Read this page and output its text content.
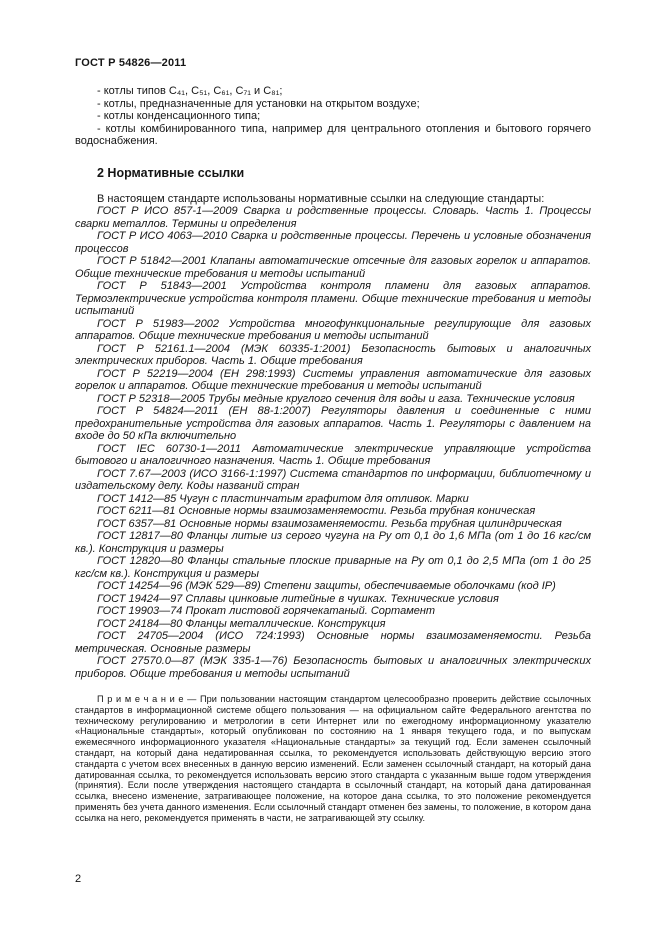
ГОСТ Р 54826—2011

- котлы типов C₄₁, C₅₁, C₆₁, C₇₁ и C₈₁;

- котлы, предназначенные для установки на открытом воздухе;

- котлы конденсационного типа;

- котлы комбинированного типа, например для центрального отопления и бытового горячего водоснабжения.

2 Нормативные ссылки

В настоящем стандарте использованы нормативные ссылки на следующие стандарты:

ГОСТ Р ИСО 857-1—2009 Сварка и родственные процессы. Словарь. Часть 1. Процессы сварки металлов. Термины и определения

ГОСТ Р ИСО 4063—2010 Сварка и родственные процессы. Перечень и условные обозначения процессов

ГОСТ Р 51842—2001 Клапаны автоматические отсечные для газовых горелок и аппаратов. Общие технические требования и методы испытаний

ГОСТ Р 51843—2001 Устройства контроля пламени для газовых аппаратов. Термоэлектрические устройства контроля пламени. Общие технические требования и методы испытаний

ГОСТ Р 51983—2002 Устройства многофункциональные регулирующие для газовых аппаратов. Общие технические требования и методы испытаний

ГОСТ Р 52161.1—2004 (МЭК 60335-1:2001) Безопасность бытовых и аналогичных электрических приборов. Часть 1. Общие требования

ГОСТ Р 52219—2004 (ЕН 298:1993) Системы управления автоматические для газовых горелок и аппаратов. Общие технические требования и методы испытаний

ГОСТ Р 52318—2005 Трубы медные круглого сечения для воды и газа. Технические условия

ГОСТ Р 54824—2011 (ЕН 88-1:2007) Регуляторы давления и соединенные с ними предохранительные устройства для газовых аппаратов. Часть 1. Регуляторы с давлением на входе до 50 кПа включительно

ГОСТ IEC 60730-1—2011 Автоматические электрические управляющие устройства бытового и аналогичного назначения. Часть 1. Общие требования

ГОСТ 7.67—2003 (ИСО 3166-1:1997) Система стандартов по информации, библиотечному и издательскому делу. Коды названий стран

ГОСТ 1412—85 Чугун с пластинчатым графитом для отливок. Марки

ГОСТ 6211—81 Основные нормы взаимозаменяемости. Резьба трубная коническая

ГОСТ 6357—81 Основные нормы взаимозаменяемости. Резьба трубная цилиндрическая

ГОСТ 12817—80 Фланцы литые из серого чугуна на Ру от 0,1 до 1,6 МПа (от 1 до 16 кгс/см кв.). Конструкция и размеры

ГОСТ 12820—80 Фланцы стальные плоские приварные на Ру от 0,1 до 2,5 МПа (от 1 до 25 кгс/см кв.). Конструкция и размеры

ГОСТ 14254—96 (МЭК 529—89) Степени защиты, обеспечиваемые оболочками (код IP)

ГОСТ 19424—97 Сплавы цинковые литейные в чушках. Технические условия

ГОСТ 19903—74 Прокат листовой горячекатаный. Сортамент

ГОСТ 24184—80 Фланцы металлические. Конструкция

ГОСТ 24705—2004 (ИСО 724:1993) Основные нормы взаимозаменяемости. Резьба метрическая. Основные размеры

ГОСТ 27570.0—87 (МЭК 335-1—76) Безопасность бытовых и аналогичных электрических приборов. Общие требования и методы испытаний

П р и м е ч а н и е — При пользовании настоящим стандартом целесообразно проверить действие ссылочных стандартов в информационной системе общего пользования — на официальном сайте Федерального агентства по техническому регулированию и метрологии в сети Интернет или по ежегодному информационному указателю «Национальные стандарты», который опубликован по состоянию на 1 января текущего года, и по выпускам ежемесячного информационного указателя «Национальные стандарты» за текущий год. Если заменен ссылочный стандарт, на который дана недатированная ссылка, то рекомендуется использовать действующую версию этого стандарта с учетом всех внесенных в данную версию изменений. Если заменен ссылочный стандарт, на который дана датированная ссылка, то рекомендуется использовать версию этого стандарта с указанным выше годом утверждения (принятия). Если после утверждения настоящего стандарта в ссылочный стандарт, на который дана датированная ссылка, внесено изменение, затрагивающее положение, на которое дана ссылка, то это положение рекомендуется применять без учета данного изменения. Если ссылочный стандарт отменен без замены, то положение, в котором дана ссылка на него, рекомендуется применять в части, не затрагивающей эту ссылку.

2
